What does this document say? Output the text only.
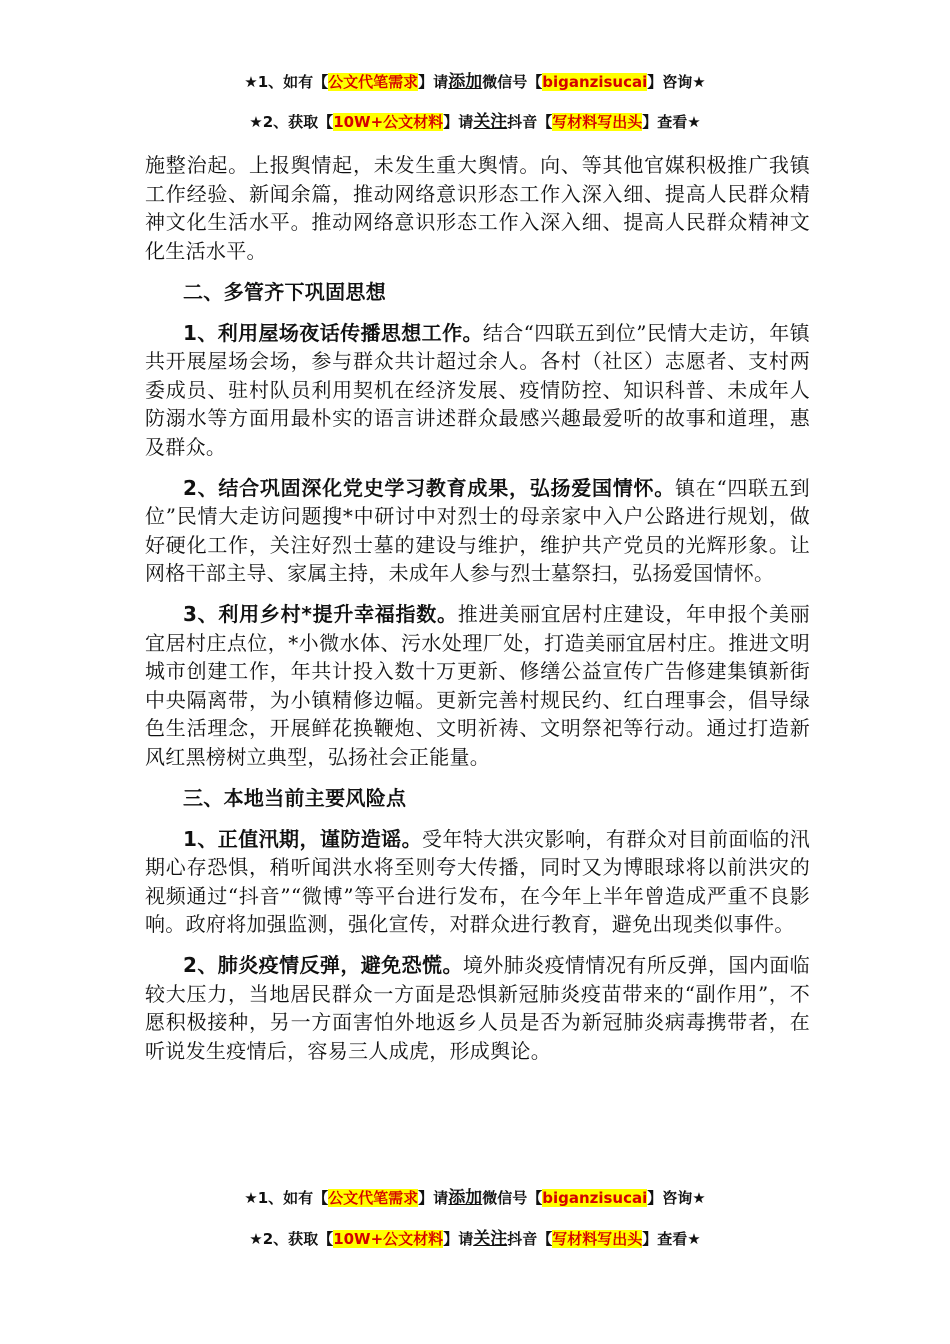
★1、如有【公文代笔需求】请添加微信号【biganzisucai】咨询★
★2、获取【10W+公文材料】请关注抖音【写材料写出头】查看★

施整治起。上报舆情起，未发生重大舆情。向、等其他官媒积极推广我镇工作经验、新闻余篇，推动网络意识形态工作入深入细、提高人民群众精神文化生活水平。推动网络意识形态工作入深入细、提高人民群众精神文化生活水平。

二、多管齐下巩固思想

1、利用屋场夜话传播思想工作。结合“四联五到位”民情大走访，年镇共开展屋场会场，参与群众共计超过余人。各村（社区）志愿者、支村两委成员、驻村队员利用契机在经济发展、疫情防控、知识科普、未成年人防溺水等方面用最朴实的语言讲述群众最感兴趣最爱听的故事和道理，惠及群众。

2、结合巩固深化党史学习教育成果，弘扬爱国情怀。镇在“四联五到位”民情大走访问题搜*中研讨中对烈士的母亲家中入户公路进行规划，做好硬化工作，关注好烈士墓的建设与维护，维护共产党员的光辉形象。让网格干部主导、家属主持，未成年人参与烈士墓祭扫，弘扬爱国情怀。

3、利用乡村*提升幸福指数。推进美丽宜居村庄建设，年申报个美丽宜居村庄点位，*小微水体、污水处理厂处，打造美丽宜居村庄。推进文明城市创建工作，年共计投入数十万更新、修缮公益宣传广告修建集镇新街中央隔离带，为小镇精修边幅。更新完善村规民约、红白理事会，倡导绿色生活理念，开展鲜花换鞭炮、文明祈祷、文明祭祀等行动。通过打造新风红黑榜树立典型，弘扬社会正能量。

三、本地当前主要风险点

1、正值汛期，谨防造谣。受年特大洪灾影响，有群众对目前面临的汛期心存恐惧，稍听闻洪水将至则夸大传播，同时又为博眼球将以前洪灾的视频通过“抖音”“微博”等平台进行发布，在今年上半年曾造成严重不良影响。政府将加强监测，强化宣传，对群众进行教育，避免出现类似事件。

2、肺炎疫情反弹，避免恐慌。境外肺炎疫情情况有所反弹，国内面临较大压力，当地居民群众一方面是恐惧新冠肺炎疫苗带来的“副作用”，不愿积极接种，另一方面害怕外地返乡人员是否为新冠肺炎病毒携带者，在听说发生疫情后，容易三人成虎，形成舆论。

★1、如有【公文代笔需求】请添加微信号【biganzisucai】咨询★
★2、获取【10W+公文材料】请关注抖音【写材料写出头】查看★
